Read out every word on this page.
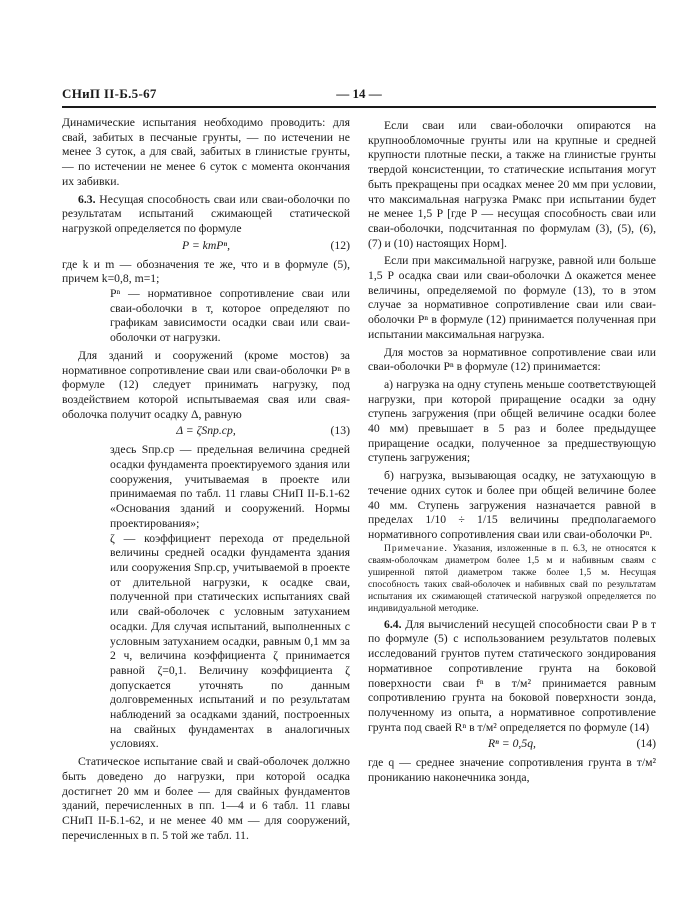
СНиП II-Б.5-67	— 14 —

Динамические испытания необходимо проводить: для свай, забитых в песчаные грунты, — по истечении не менее 3 суток, а для свай, забитых в глинистые грунты, — по истечении не менее 6 суток с момента окончания их забивки.

6.3. Несущая способность сваи или сваи-оболочки по результатам испытаний сжимающей статической нагрузкой определяется по формуле

P = kmPⁿ,	(12)

где k и m — обозначения те же, что и в формуле (5), причем k=0,8, m=1;

Pⁿ — нормативное сопротивление сваи или сваи-оболочки в т, которое определяют по графикам зависимости осадки сваи или сваи-оболочки от нагрузки.

Для зданий и сооружений (кроме мостов) за нормативное сопротивление сваи или сваи-оболочки Pⁿ в формуле (12) следует принимать нагрузку, под воздействием которой испытываемая свая или свая-оболочка получит осадку Δ, равную

Δ = ζSпр.ср,	(13)

здесь Sпр.ср — предельная величина средней осадки фундамента проектируемого здания или сооружения, учитываемая в проекте или принимаемая по табл. 11 главы СНиП II-Б.1-62 «Основания зданий и сооружений. Нормы проектирования»;

ζ — коэффициент перехода от предельной величины средней осадки фундамента здания или сооружения Sпр.ср, учитываемой в проекте от длительной нагрузки, к осадке сваи, полученной при статических испытаниях свай или свай-оболочек с условным затуханием осадки. Для случая испытаний, выполненных с условным затуханием осадки, равным 0,1 мм за 2 ч, величина коэффициента ζ принимается равной ζ=0,1. Величину коэффициента ζ допускается уточнять по данным долговременных испытаний и по результатам наблюдений за осадками зданий, построенных на свайных фундаментах в аналогичных условиях.

Статическое испытание свай и свай-оболочек должно быть доведено до нагрузки, при которой осадка достигнет 20 мм и более — для свайных фундаментов зданий, перечисленных в пп. 1—4 и 6 табл. 11 главы СНиП II-Б.1-62, и не менее 40 мм — для сооружений, перечисленных в п. 5 той же табл. 11.

Если сваи или сваи-оболочки опираются на крупнообломочные грунты или на крупные и средней крупности плотные пески, а также на глинистые грунты твердой консистенции, то статические испытания могут быть прекращены при осадках менее 20 мм при условии, что максимальная нагрузка Pмакс при испытании будет не менее 1,5 P [где P — несущая способность сваи или сваи-оболочки, подсчитанная по формулам (3), (5), (6), (7) и (10) настоящих Норм].

Если при максимальной нагрузке, равной или больше 1,5 P осадка сваи или сваи-оболочки Δ окажется менее величины, определяемой по формуле (13), то в этом случае за нормативное сопротивление сваи или сваи-оболочки Pⁿ в формуле (12) принимается полученная при испытании максимальная нагрузка.

Для мостов за нормативное сопротивление сваи или сваи-оболочки Pⁿ в формуле (12) принимается:

а) нагрузка на одну ступень меньше соответствующей нагрузки, при которой приращение осадки за одну ступень загружения (при общей величине осадки более 40 мм) превышает в 5 раз и более предыдущее приращение осадки, полученное за предшествующую ступень загружения;

б) нагрузка, вызывающая осадку, не затухающую в течение одних суток и более при общей величине более 40 мм. Ступень загружения назначается равной в пределах 1/10 ÷ 1/15 величины предполагаемого нормативного сопротивления сваи или сваи-оболочки Pⁿ.

Примечание. Указания, изложенные в п. 6.3, не относятся к сваям-оболочкам диаметром более 1,5 м и набивным сваям с уширенной пятой диаметром также более 1,5 м. Несущая способность таких свай-оболочек и набивных свай по результатам испытания их сжимающей статической нагрузкой определяется по индивидуальной методике.

6.4. Для вычислений несущей способности сваи P в т по формуле (5) с использованием результатов полевых исследований грунтов путем статического зондирования нормативное сопротивление грунта на боковой поверхности сваи fⁿ в т/м² принимается равным сопротивлению грунта на боковой поверхности зонда, полученному из опыта, а нормативное сопротивление грунта под сваей Rⁿ в т/м² определяется по формуле (14)

Rⁿ = 0,5q,	(14)

где q — среднее значение сопротивления грунта в т/м² прониканию наконечника зонда,
